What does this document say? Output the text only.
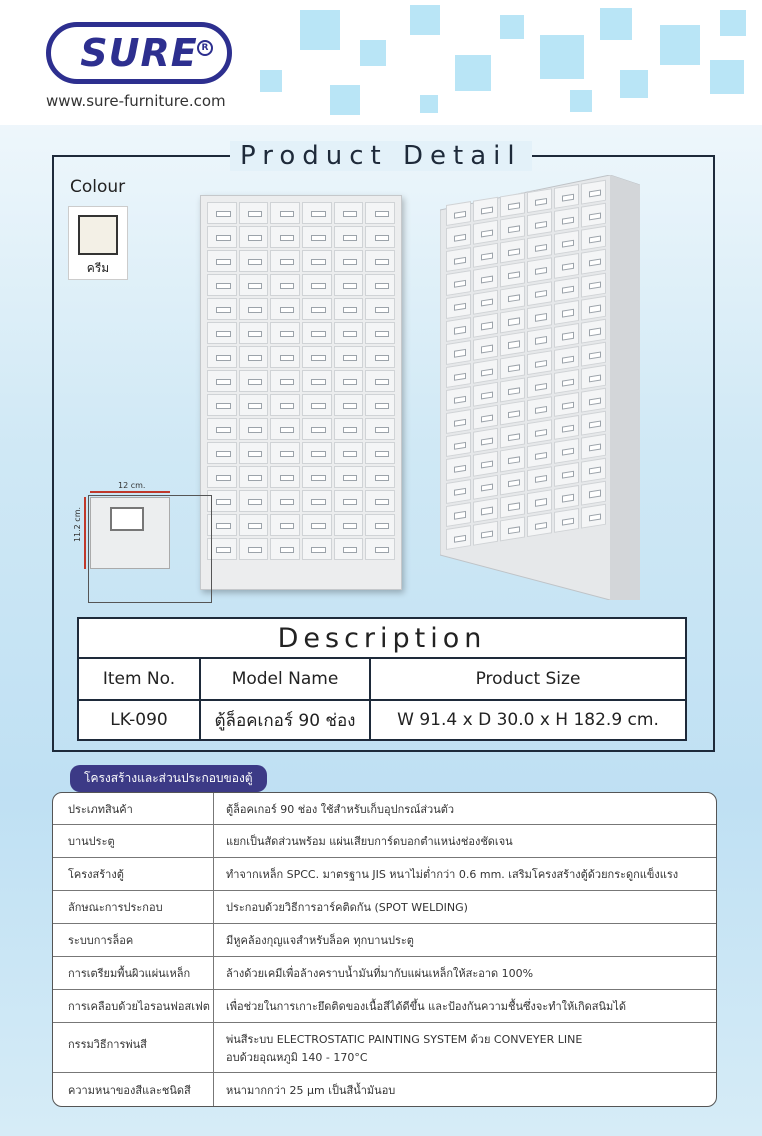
SURE R
www.sure-furniture.com
Product Detail
Colour
ครีม
12 cm.
11.2 cm.
Description
Item No.	Model Name	Product Size
LK-090	ตู้ล็อคเกอร์ 90 ช่อง	W 91.4 x D 30.0 x H 182.9 cm.
โครงสร้างและส่วนประกอบของตู้
ประเภทสินค้า	ตู้ล็อคเกอร์ 90 ช่อง ใช้สำหรับเก็บอุปกรณ์ส่วนตัว
บานประตู	แยกเป็นสัดส่วนพร้อม แผ่นเสียบการ์ดบอกตำแหน่งช่องชัดเจน
โครงสร้างตู้	ทำจากเหล็ก SPCC. มาตรฐาน JIS หนาไม่ต่ำกว่า 0.6 mm. เสริมโครงสร้างตู้ด้วยกระดูกแข็งแรง
ลักษณะการประกอบ	ประกอบด้วยวิธีการอาร์คติดกัน (SPOT WELDING)
ระบบการล็อค	มีหูคล้องกุญแจสำหรับล็อค ทุกบานประตู
การเตรียมพื้นผิวแผ่นเหล็ก	ล้างด้วยเคมีเพื่อล้างคราบน้ำมันที่มากับแผ่นเหล็กให้สะอาด 100%
การเคลือบด้วยไอรอนฟอสเฟต	เพื่อช่วยในการเกาะยึดติดของเนื้อสีได้ดีขึ้น และป้องกันความชื้นซึ่งจะทำให้เกิดสนิมได้
กรรมวิธีการพ่นสี	พ่นสีระบบ ELECTROSTATIC PAINTING SYSTEM ด้วย CONVEYER LINE
อบด้วยอุณหภูมิ 140 - 170°C
ความหนาของสีและชนิดสี	หนามากกว่า 25 µm เป็นสีน้ำมันอบ
